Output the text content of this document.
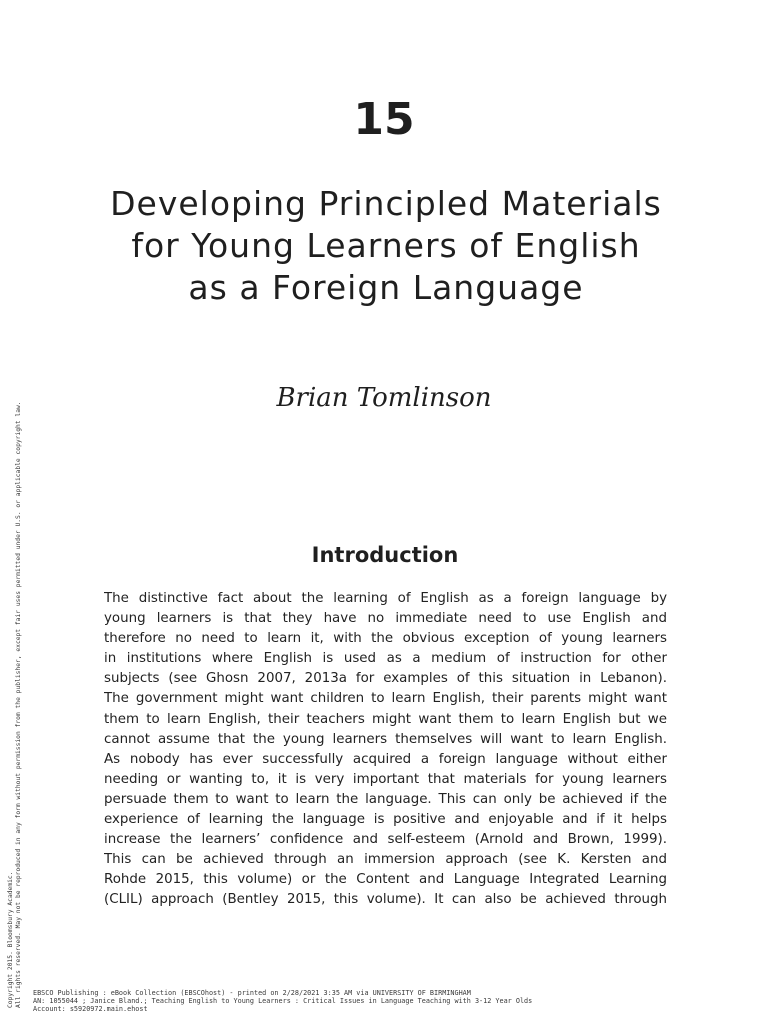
15
Developing Principled Materials for Young Learners of English as a Foreign Language
Brian Tomlinson
Introduction
The distinctive fact about the learning of English as a foreign language by
young learners is that they have no immediate need to use English and
therefore no need to learn it, with the obvious exception of young learners
in institutions where English is used as a medium of instruction for other
subjects (see Ghosn 2007, 2013a for examples of this situation in Lebanon).
The government might want children to learn English, their parents might want
them to learn English, their teachers might want them to learn English but we
cannot assume that the young learners themselves will want to learn English.
As nobody has ever successfully acquired a foreign language without either
needing or wanting to, it is very important that materials for young learners
persuade them to want to learn the language. This can only be achieved if the
experience of learning the language is positive and enjoyable and if it helps
increase the learners’ confidence and self-esteem (Arnold and Brown, 1999).
This can be achieved through an immersion approach (see K. Kersten and
Rohde 2015, this volume) or the Content and Language Integrated Learning
(CLIL) approach (Bentley 2015, this volume). It can also be achieved through
Copyright 2015. Bloomsbury Academic. All rights reserved. May not be reproduced in any form without permission from the publisher, except fair uses permitted under U.S. or applicable copyright law. EBSCO Publishing : eBook Collection (EBSCOhost) - printed on 2/28/2021 3:35 AM via UNIVERSITY OF BIRMINGHAM
AN: 1055044 ; Janice Bland.; Teaching English to Young Learners : Critical Issues in Language Teaching with 3-12 Year Olds
Account: s5920972.main.ehost
